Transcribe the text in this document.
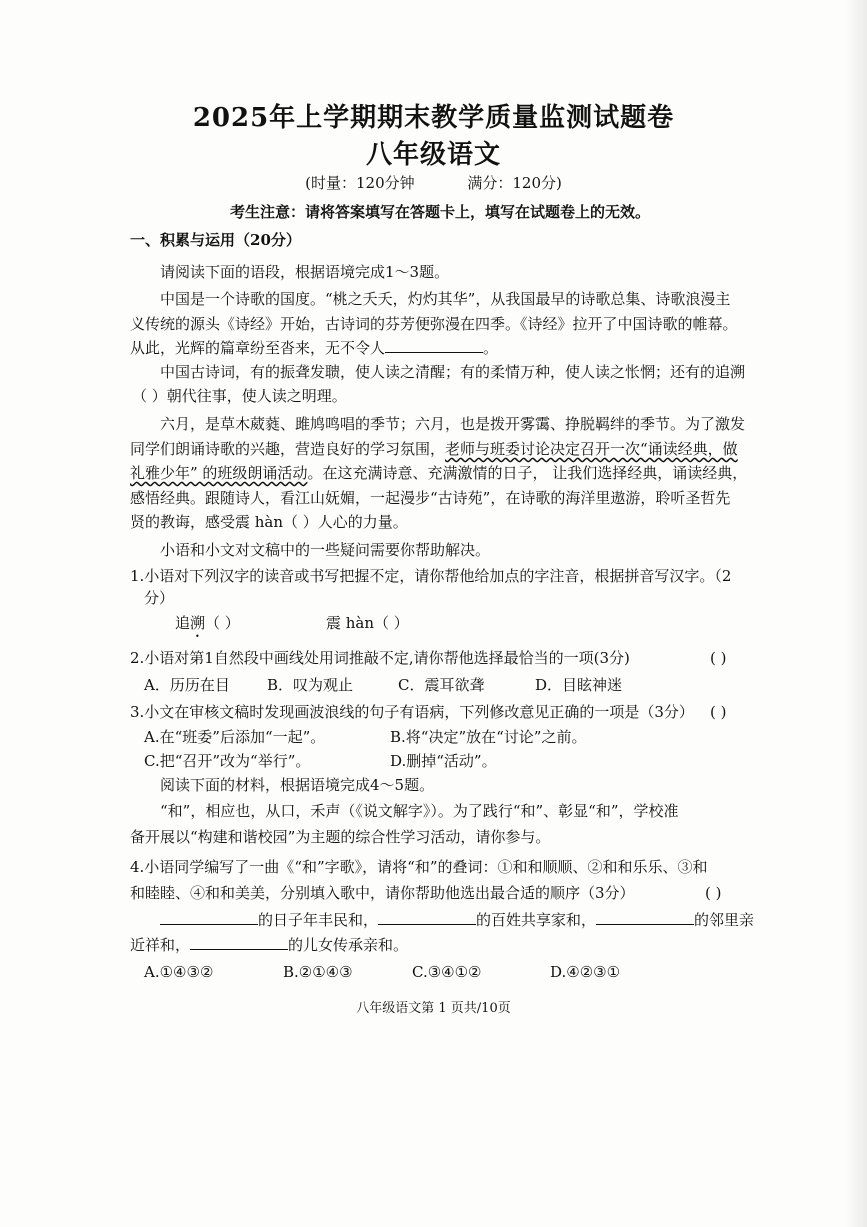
2025年上学期期末教学质量监测试题卷
八年级语文
(时量：120分钟	满分：120分)
考生注意：请将答案填写在答题卡上，填写在试题卷上的无效。
一、积累与运用（20分）
请阅读下面的语段，根据语境完成1～3题。
中国是一个诗歌的国度。“桃之夭夭，灼灼其华”，从我国最早的诗歌总集、诗歌浪漫主
义传统的源头《诗经》开始，古诗词的芬芳便弥漫在四季。《诗经》拉开了中国诗歌的帷幕。
从此，光辉的篇章纷至沓来，无不令人	。
中国古诗词，有的振聋发聩，使人读之清醒；有的柔情万种，使人读之怅惘；还有的追溯
（ ）朝代往事，使人读之明理。
六月，是草木葳蕤、雎鸠鸣唱的季节；六月，也是拨开雾霭、挣脱羁绊的季节。为了激发
同学们朗诵诗歌的兴趣，营造良好的学习氛围，老师与班委讨论决定召开一次“诵读经典，做
礼雅少年” 的班级朗诵活动。在这充满诗意、充满激情的日子， 让我们选择经典，诵读经典，
感悟经典。跟随诗人，看江山妩媚，一起漫步“古诗苑”，在诗歌的海洋里遨游，聆听圣哲先
贤的教诲，感受震 hàn（ ）人心的力量。
小语和小文对文稿中的一些疑问需要你帮助解决。
1.小语对下列汉字的读音或书写把握不定，请你帮他给加点的字注音，根据拼音写汉字。（2
分）
追溯（ ）	震 hàn（ ）
2.小语对第1自然段中画线处用词推敲不定,请你帮他选择最恰当的一项(3分)	( )
A．历历在目 B．叹为观止	C．震耳欲聋	D．目眩神迷
3.小文在审核文稿时发现画波浪线的句子有语病，下列修改意见正确的一项是（3分） ( )
A.在“班委”后添加“一起”。	B.将“决定”放在“讨论”之前。
C.把“召开”改为“举行”。	D.删掉“活动”。
阅读下面的材料，根据语境完成4～5题。
“和”，相应也，从口，禾声（《说文解字》）。为了践行“和”、彰显“和”，学校准
备开展以“构建和谐校园”为主题的综合性学习活动，请你参与。
4.小语同学编写了一曲《“和”字歌》，请将“和”的叠词：①和和顺顺、②和和乐乐、③和
和睦睦、④和和美美，分别填入歌中，请你帮助他选出最合适的顺序（3分）	( )
的日子年丰民和，	的百姓共享家和，	的邻里亲
近祥和，	的儿女传承亲和。
A.①④③②	B.②①④③	C.③④①②	D.④②③①
八年级语文第 1 页共/10页
